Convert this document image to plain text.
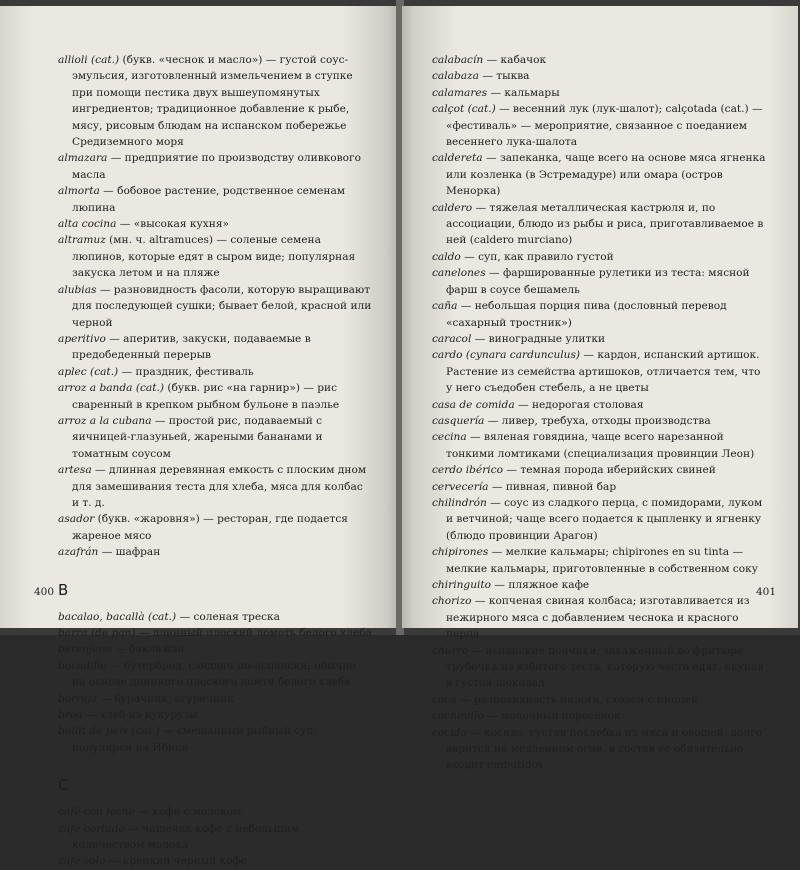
allioli (cat.) (букв. «чеснок и масло») — густой соус-эмульсия, изготовленный измельчением в ступке при помощи пестика двух вышеупомянутых ингредиентов; традиционное добавление к рыбе, мясу, рисовым блюдам на испанском побережье Средиземного моря

almazara — предприятие по производству оливкового масла

almorta — бобовое растение, родственное семенам люпина

alta cocina — «высокая кухня»

altramuz (мн. ч. altramuces) — соленые семена люпинов, которые едят в сыром виде; популярная закуска летом и на пляже

alubias — разновидность фасоли, которую выращивают для последующей сушки; бывает белой, красной или черной

aperitivo — аперитив, закуски, подаваемые в предобеденный перерыв

aplec (cat.) — праздник, фестиваль

arroz a banda (cat.) (букв. рис «на гарнир») — рис сваренный в крепком рыбном бульоне в паэлье

arroz a la cubana — простой рис, подаваемый с яичницей-глазуньей, жареными бананами и томатным соусом

artesa — длинная деревянная емкость с плоским дном для замешивания теста для хлеба, мяса для колбас и т. д.

asador (букв. «жаровня») — ресторан, где подается жареное мясо

azafrán — шафран

B

bacalao, bacallà (cat.) — соленая треска

barra (de pan) — длинный плоский ломоть белого хлеба

berenjena — баклажан

bocadillo — бутерброд, сэндвич по-испански; обычно на основе длинного плоского ломтя белого хлеба

borraja — бурачник, огуречник

broa — хлеб из кукурузы

bullit de peix (cat.) — смешанный рыбный суп; популярен на Ибице

C

café con leche — кофе с молоком

café cortado — чашечка кофе с небольшим количеством молока

café solo — крепкий черный кофе

400

calabacín — кабачок

calabaza — тыква

calamares — кальмары

calçot (cat.) — весенний лук (лук-шалот); calçotada (cat.) — «фестиваль» — мероприятие, связанное с поеданием весеннего лука-шалота

caldereta — запеканка, чаще всего на основе мяса ягненка или козленка (в Эстремадуре) или омара (остров Менорка)

caldero — тяжелая металлическая кастрюля и, по ассоциации, блюдо из рыбы и риса, приготавливаемое в ней (caldero murciano)

caldo — суп, как правило густой

canelones — фаршированные рулетики из теста: мясной фарш в соусе бешамель

caña — небольшая порция пива (дословный перевод «сахарный тростник»)

caracol — виноградные улитки

cardo (cynara cardunculus) — кардон, испанский артишок. Растение из семейства артишоков, отличается тем, что у него съедобен стебель, а не цветы

casa de comida — недорогая столовая

casquería — ливер, требуха, отходы производства

cecina — вяленая говядина, чаще всего нарезанной тонкими ломтиками (специализация провинции Леон)

cerdo ibérico — темная порода иберийских свиней

cervecería — пивная, пивной бар

chilindrón — соус из сладкого перца, с помидорами, луком и ветчиной; чаще всего подается к цыпленку и ягненку (блюдо провинции Арагон)

chipirones — мелкие кальмары; chipirones en su tinta — мелкие кальмары, приготовленные в собственном соку

chiringuito — пляжное кафе

chorizo — копченая свиная колбаса; изготавливается из нежирного мяса с добавлением чеснока и красного перца

churro — испанские пончики; закаженный во фритюре трубочка из взбитого теста, которую часто едят, окуная в густой шоколад

coca — разновидность пирога, сходен с пиццей

cochinillo — молочный поросенок

cocido — косидо, густая похлебка из мяса и овощей, долго варится на медленном огне, в состав ее обязательно входит embutidos

401
